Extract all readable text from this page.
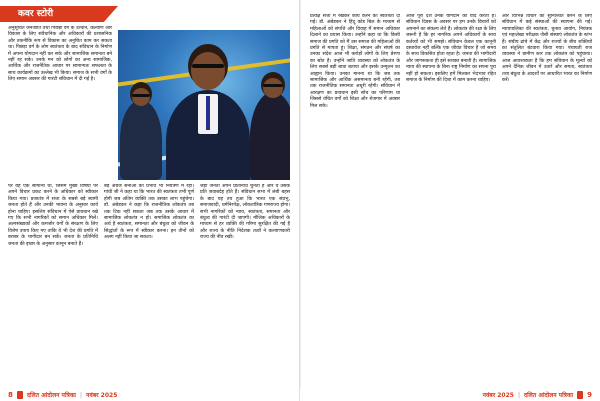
कवर स्टोरी
अनुसूचित जनजाति तथा पिछड़ा वर्ग के उत्थान, कल्याण और विकास के लिए संवैधानिक और अधिकारों की प्रशासनिक और तकनीकि रूप से विकास का अनुचित काम कर सकता था। पिछड़ा वर्ग के लोग स्वतंत्रता के बाद संविधान के निर्माण में अपना योगदान नहीं कर सके और सामाजिक समानता बने नहीं रह सके। उनके मन को लोगों का अन्य सामाजिक, आर्थिक और राजनैतिक आधार पर सामान्यतः सफलता के साथ कार्यक्रमों का उल्लेख भी किया। समाज के सभी वर्गों के लिए समान अवसर की गारंटी संविधान में दी गई है।
पर यह एक सामान्य था, जिसमें मुख्य विषयों पर अपने विचार प्रकट करने के अधिकार को स्वीकार किया गया। प्रजातंत्र में सत्ता के सबसे बड़े स्वामी जनता होते हैं और उनकी भावना के अनुसार कार्य होना चाहिए। इसलिए संविधान में ऐसे प्रावधान रखे गए कि सभी नागरिकों को समान अधिकार मिलें। अल्पसंख्यकों और कमजोर वर्गों के संरक्षण के लिए विशेष उपाय किए गए ताकि वे भी देश की प्रगति में बराबर के भागीदार बन सकें। जनता के प्रतिनिधि जनता की इच्छा के अनुसार कानून बनाते हैं।
बड़े अंग्रेज सेनाओं का प्रभाव भी नियंत्रण में रहा। गांधी जी ने कहा था कि भारत की स्वतंत्रता तभी पूर्ण होगी जब अंतिम व्यक्ति तक उसका लाभ पहुंचेगा। डॉ. अंबेडकर ने कहा कि राजनीतिक लोकतंत्र तब तक टिक नहीं सकता जब तक उसके आधार में सामाजिक लोकतंत्र न हो। समाजिक लोकतंत्र का अर्थ है स्वतंत्रता, समानता और बंधुत्व को जीवन के सिद्धांतों के रूप में स्वीकार करना। इन तीनों को अलग नहीं किया जा सकता।
जहां जनता अपने प्रतिनिधि चुनती है और वे उसके प्रति जवाबदेह होते हैं। संविधान सभा में लंबी बहस के बाद यह तय हुआ कि भारत एक संप्रभु, समाजवादी, धर्मनिरपेक्ष, लोकतांत्रिक गणराज्य होगा। सभी नागरिकों को न्याय, स्वतंत्रता, समानता और बंधुत्व की गारंटी दी जाएगी। मौलिक अधिकारों के माध्यम से हर व्यक्ति की गरिमा सुरक्षित की गई है और राज्य के नीति निदेशक तत्वों ने कल्याणकारी राज्य की नींव रखी।
8 दलित आंदोलन पत्रिका | नवंबर 2025
प्रत्यक्ष सत्ता में रखकर कार्य करने की स्वतंत्रता दी गई। डॉ. अंबेडकर ने हिंदू कोड बिल के माध्यम से महिलाओं को संपत्ति और विवाह में समान अधिकार दिलाने का प्रयास किया। उन्होंने कहा था कि किसी समाज की प्रगति को मैं उस समाज की महिलाओं की प्रगति से मापता हूं। शिक्षा, संगठन और संघर्ष का उनका संदेश आज भी करोड़ों लोगों के लिए प्रेरणा का स्रोत है। उन्होंने जाति व्यवस्था को लोकतंत्र के लिए सबसे बड़ी बाधा बताया और इसके उन्मूलन का आह्वान किया। उनका मानना था कि जब तक सामाजिक और आर्थिक असमानता बनी रहेगी, तब तक राजनीतिक समानता अधूरी रहेगी। संविधान में आरक्षण का प्रावधान इसी सोच का परिणाम था जिससे वंचित वर्गों को शिक्षा और रोजगार में अवसर मिल सके।
आज पूरा देश उनके योगदान को याद करता है। संविधान दिवस के अवसर पर हम उनके विचारों को अपनाने का संकल्प लेते हैं। लोकतंत्र की रक्षा के लिए जरूरी है कि हर नागरिक अपने अधिकारों के साथ कर्तव्यों को भी समझे। संविधान केवल एक कानूनी दस्तावेज नहीं बल्कि एक जीवंत विचार है जो समय के साथ विकसित होता रहता है। जनता की भागीदारी और जागरूकता ही इसे सशक्त बनाती है। सामाजिक न्याय की स्थापना के बिना राष्ट्र निर्माण का सपना पूरा नहीं हो सकता। इसलिए हमें मिलकर भेदभाव रहित समाज के निर्माण की दिशा में काम करना चाहिए।
और विभिन्न विचार को सुनिश्चित करने के लिए संविधान में कई संस्थाओं की स्थापना की गई। न्यायपालिका की स्वतंत्रता, चुनाव आयोग, नियंत्रक एवं महालेखा परीक्षक जैसी संस्थाएं लोकतंत्र के स्तंभ हैं। संघीय ढांचे में केंद्र और राज्यों के बीच शक्तियों का संतुलित बंटवारा किया गया। पंचायती राज व्यवस्था ने ग्रामीण स्तर तक लोकतंत्र को पहुंचाया। आज आवश्यकता है कि हम संविधान के मूल्यों को अपने दैनिक जीवन में उतारें और समता, स्वतंत्रता तथा बंधुत्व के आदर्शों पर आधारित भारत का निर्माण करें।
नवंबर 2025 | दलित आंदोलन पत्रिका 9
